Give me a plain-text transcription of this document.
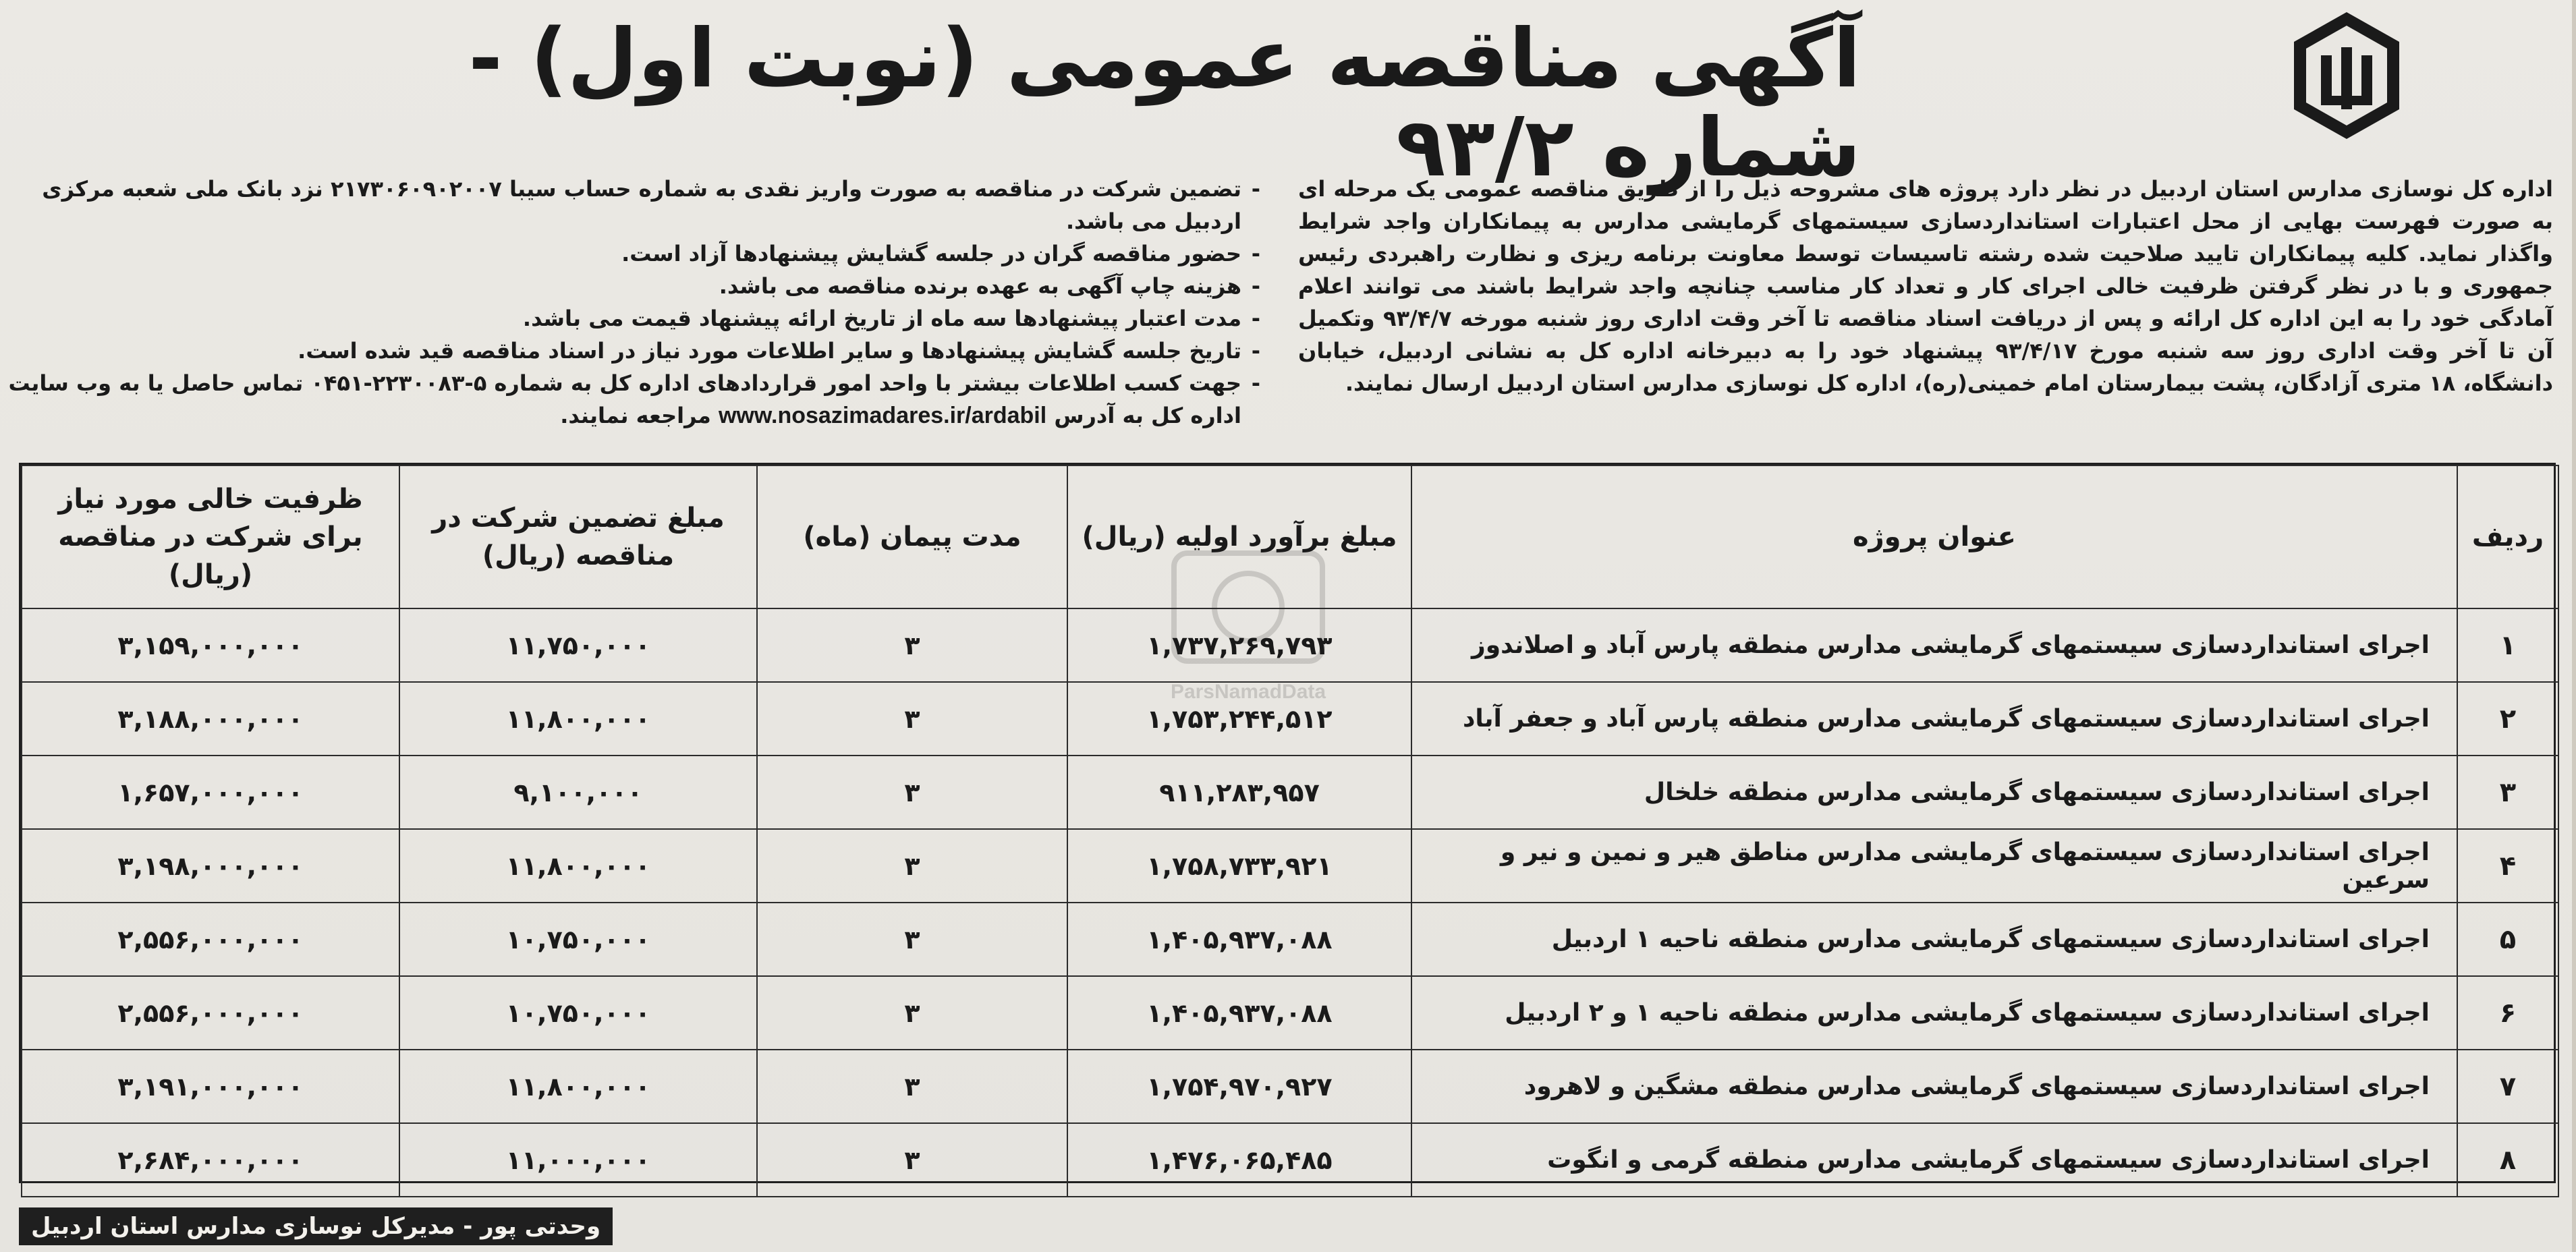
آگهی مناقصه عمومی (نوبت اول) - شماره ۹۳/۲	اداره کل نوسازی مدارس استان اردبیل در نظر دارد پروژه های مشروحه ذیل را از طریق مناقصه عمومی یک مرحله ای به صورت فهرست بهایی از محل اعتبارات استانداردسازی سیستمهای گرمایشی مدارس به پیمانکاران واجد شرایط واگذار نماید. کلیه پیمانکاران تایید صلاحیت شده رشته تاسیسات توسط معاونت برنامه ریزی و نظارت راهبردی رئیس جمهوری و با در نظر گرفتن ظرفیت خالی اجرای کار و تعداد کار مناسب چنانچه واجد شرایط باشند می توانند اعلام آمادگی خود را به این اداره کل ارائه و پس از دریافت اسناد مناقصه تا آخر وقت اداری روز شنبه مورخه ۹۳/۴/۷ وتکمیل آن تا آخر وقت اداری روز سه شنبه مورخ ۹۳/۴/۱۷ پیشنهاد خود را به دبیرخانه اداره کل به نشانی اردبیل، خیابان دانشگاه، ۱۸ متری آزادگان، پشت بیمارستان امام خمینی(ره)، اداره کل نوسازی مدارس استان اردبیل ارسال نمایند.
- تضمین شرکت در مناقصه به صورت واریز نقدی به شماره حساب سیبا ۲۱۷۳۰۶۰۹۰۲۰۰۷ نزد بانک ملی شعبه مرکزی اردبیل می باشد.
- حضور مناقصه گران در جلسه گشایش پیشنهادها آزاد است.
- هزینه چاپ آگهی به عهده برنده مناقصه می باشد.
- مدت اعتبار پیشنهادها سه ماه از تاریخ ارائه پیشنهاد قیمت می باشد.
- تاریخ جلسه گشایش پیشنهادها و سایر اطلاعات مورد نیاز در اسناد مناقصه قید شده است.
- جهت کسب اطلاعات بیشتر با واحد امور قراردادهای اداره کل به شماره ۵-۲۲۳۰۰۸۳-۰۴۵۱ تماس حاصل یا به وب سایت اداره کل به آدرس www.nosazimadares.ir/ardabil مراجعه نمایند.
ParsNamadData
ردیف	عنوان پروژه	مبلغ برآورد اولیه (ریال)	مدت پیمان (ماه)	مبلغ تضمین شرکت در مناقصه (ریال)	ظرفیت خالی مورد نیاز برای شرکت در مناقصه (ریال)
۱	اجرای استانداردسازی سیستمهای گرمایشی مدارس منطقه پارس آباد و اصلاندوز	۱,۷۳۷,۲۶۹,۷۹۳	۳	۱۱,۷۵۰,۰۰۰	۳,۱۵۹,۰۰۰,۰۰۰
۲	اجرای استانداردسازی سیستمهای گرمایشی مدارس منطقه پارس آباد و جعفر آباد	۱,۷۵۳,۲۴۴,۵۱۲	۳	۱۱,۸۰۰,۰۰۰	۳,۱۸۸,۰۰۰,۰۰۰
۳	اجرای استانداردسازی سیستمهای گرمایشی مدارس منطقه خلخال	۹۱۱,۲۸۳,۹۵۷	۳	۹,۱۰۰,۰۰۰	۱,۶۵۷,۰۰۰,۰۰۰
۴	اجرای استانداردسازی سیستمهای گرمایشی مدارس مناطق هیر و نمین و نیر و سرعین	۱,۷۵۸,۷۳۳,۹۲۱	۳	۱۱,۸۰۰,۰۰۰	۳,۱۹۸,۰۰۰,۰۰۰
۵	اجرای استانداردسازی سیستمهای گرمایشی مدارس منطقه ناحیه ۱ اردبیل	۱,۴۰۵,۹۳۷,۰۸۸	۳	۱۰,۷۵۰,۰۰۰	۲,۵۵۶,۰۰۰,۰۰۰
۶	اجرای استانداردسازی سیستمهای گرمایشی مدارس منطقه ناحیه ۱ و ۲ اردبیل	۱,۴۰۵,۹۳۷,۰۸۸	۳	۱۰,۷۵۰,۰۰۰	۲,۵۵۶,۰۰۰,۰۰۰
۷	اجرای استانداردسازی سیستمهای گرمایشی مدارس منطقه مشگین و لاهرود	۱,۷۵۴,۹۷۰,۹۲۷	۳	۱۱,۸۰۰,۰۰۰	۳,۱۹۱,۰۰۰,۰۰۰
۸	اجرای استانداردسازی سیستمهای گرمایشی مدارس منطقه گرمی و انگوت	۱,۴۷۶,۰۶۵,۴۸۵	۳	۱۱,۰۰۰,۰۰۰	۲,۶۸۴,۰۰۰,۰۰۰
وحدتی پور - مدیرکل نوسازی مدارس استان اردبیل
